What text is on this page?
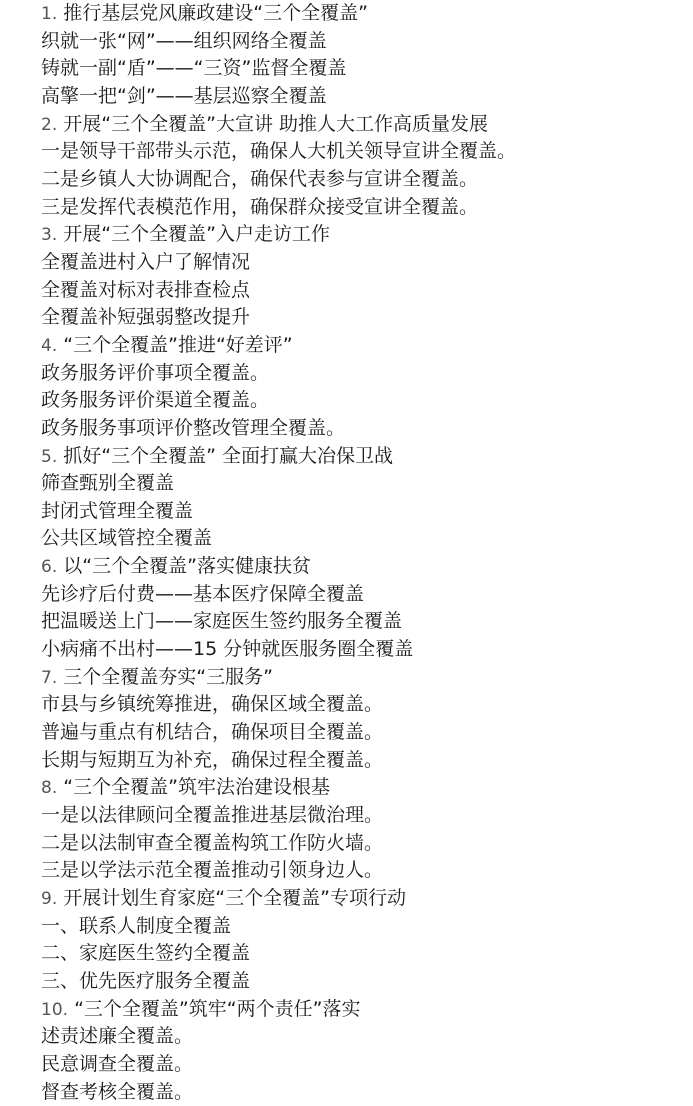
1. 推行基层党风廉政建设“三个全覆盖”
织就一张“网”——组织网络全覆盖
铸就一副“盾”——“三资”监督全覆盖
高擎一把“剑”——基层巡察全覆盖
2. 开展“三个全覆盖”大宣讲 助推人大工作高质量发展
一是领导干部带头示范，确保人大机关领导宣讲全覆盖。
二是乡镇人大协调配合，确保代表参与宣讲全覆盖。
三是发挥代表模范作用，确保群众接受宣讲全覆盖。
3. 开展“三个全覆盖”入户走访工作
全覆盖进村入户了解情况
全覆盖对标对表排查检点
全覆盖补短强弱整改提升
4. “三个全覆盖”推进“好差评”
政务服务评价事项全覆盖。
政务服务评价渠道全覆盖。
政务服务事项评价整改管理全覆盖。
5. 抓好“三个全覆盖” 全面打赢大冶保卫战
筛查甄别全覆盖
封闭式管理全覆盖
公共区域管控全覆盖
6. 以“三个全覆盖”落实健康扶贫
先诊疗后付费——基本医疗保障全覆盖
把温暖送上门——家庭医生签约服务全覆盖
小病痛不出村——15 分钟就医服务圈全覆盖
7. 三个全覆盖夯实“三服务”
市县与乡镇统筹推进，确保区域全覆盖。
普遍与重点有机结合，确保项目全覆盖。
长期与短期互为补充，确保过程全覆盖。
8. “三个全覆盖”筑牢法治建设根基
一是以法律顾问全覆盖推进基层微治理。
二是以法制审查全覆盖构筑工作防火墙。
三是以学法示范全覆盖推动引领身边人。
9. 开展计划生育家庭“三个全覆盖”专项行动
一、联系人制度全覆盖
二、家庭医生签约全覆盖
三、优先医疗服务全覆盖
10. “三个全覆盖”筑牢“两个责任”落实
述责述廉全覆盖。
民意调查全覆盖。
督查考核全覆盖。
